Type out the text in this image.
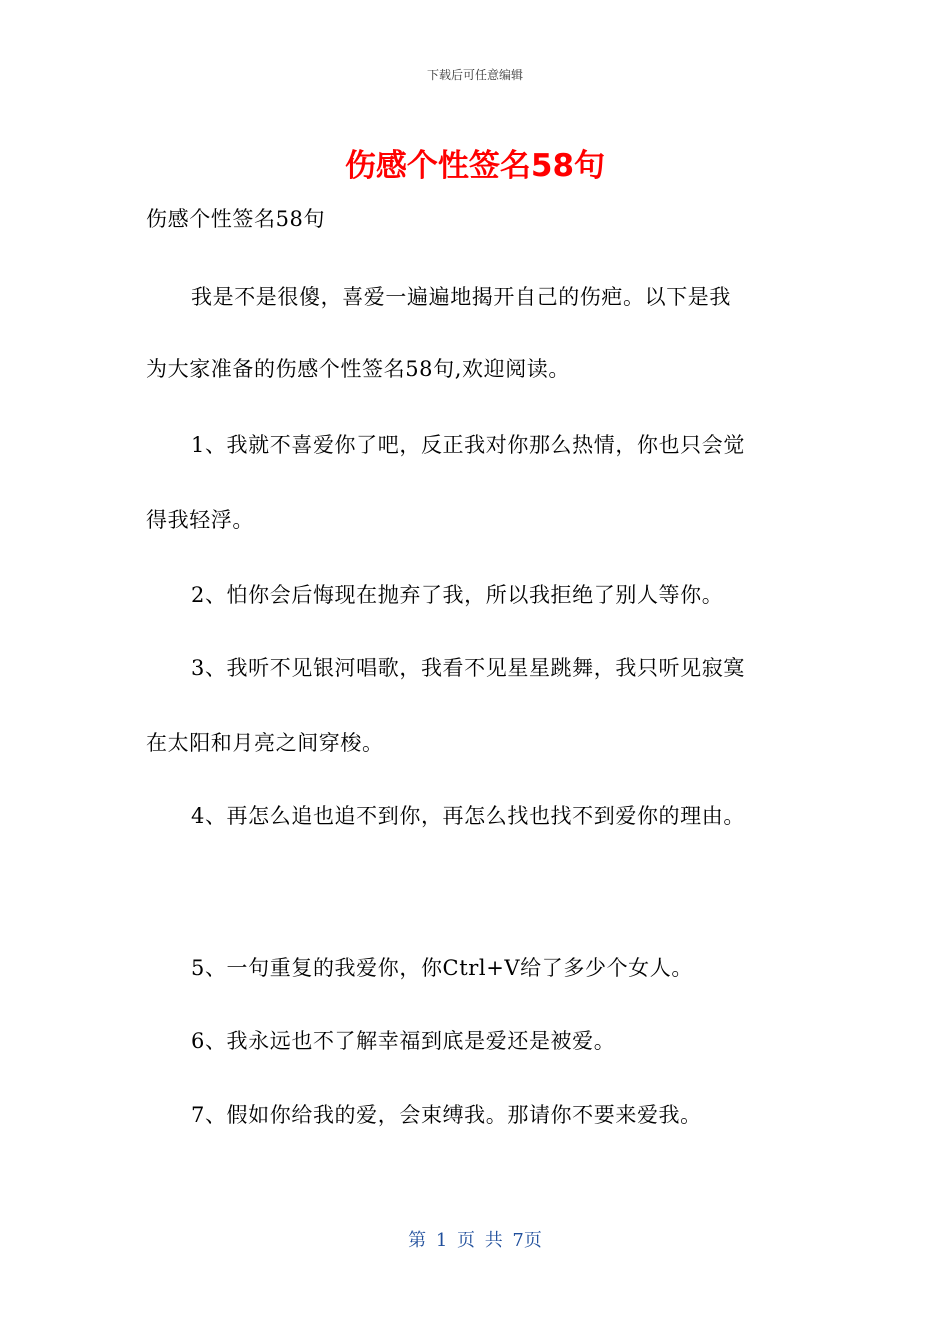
下载后可任意编辑
伤感个性签名58句
伤感个性签名58句
我是不是很傻，喜爱一遍遍地揭开自己的伤疤。以下是我
为大家准备的伤感个性签名58句,欢迎阅读。
1、我就不喜爱你了吧，反正我对你那么热情，你也只会觉
得我轻浮。
2、怕你会后悔现在抛弃了我，所以我拒绝了别人等你。
3、我听不见银河唱歌，我看不见星星跳舞，我只听见寂寞
在太阳和月亮之间穿梭。
4、再怎么追也追不到你，再怎么找也找不到爱你的理由。
5、一句重复的我爱你，你Ctrl+V给了多少个女人。
6、我永远也不了解幸福到底是爱还是被爱。
7、假如你给我的爱，会束缚我。那请你不要来爱我。
第 1 页 共 7页
